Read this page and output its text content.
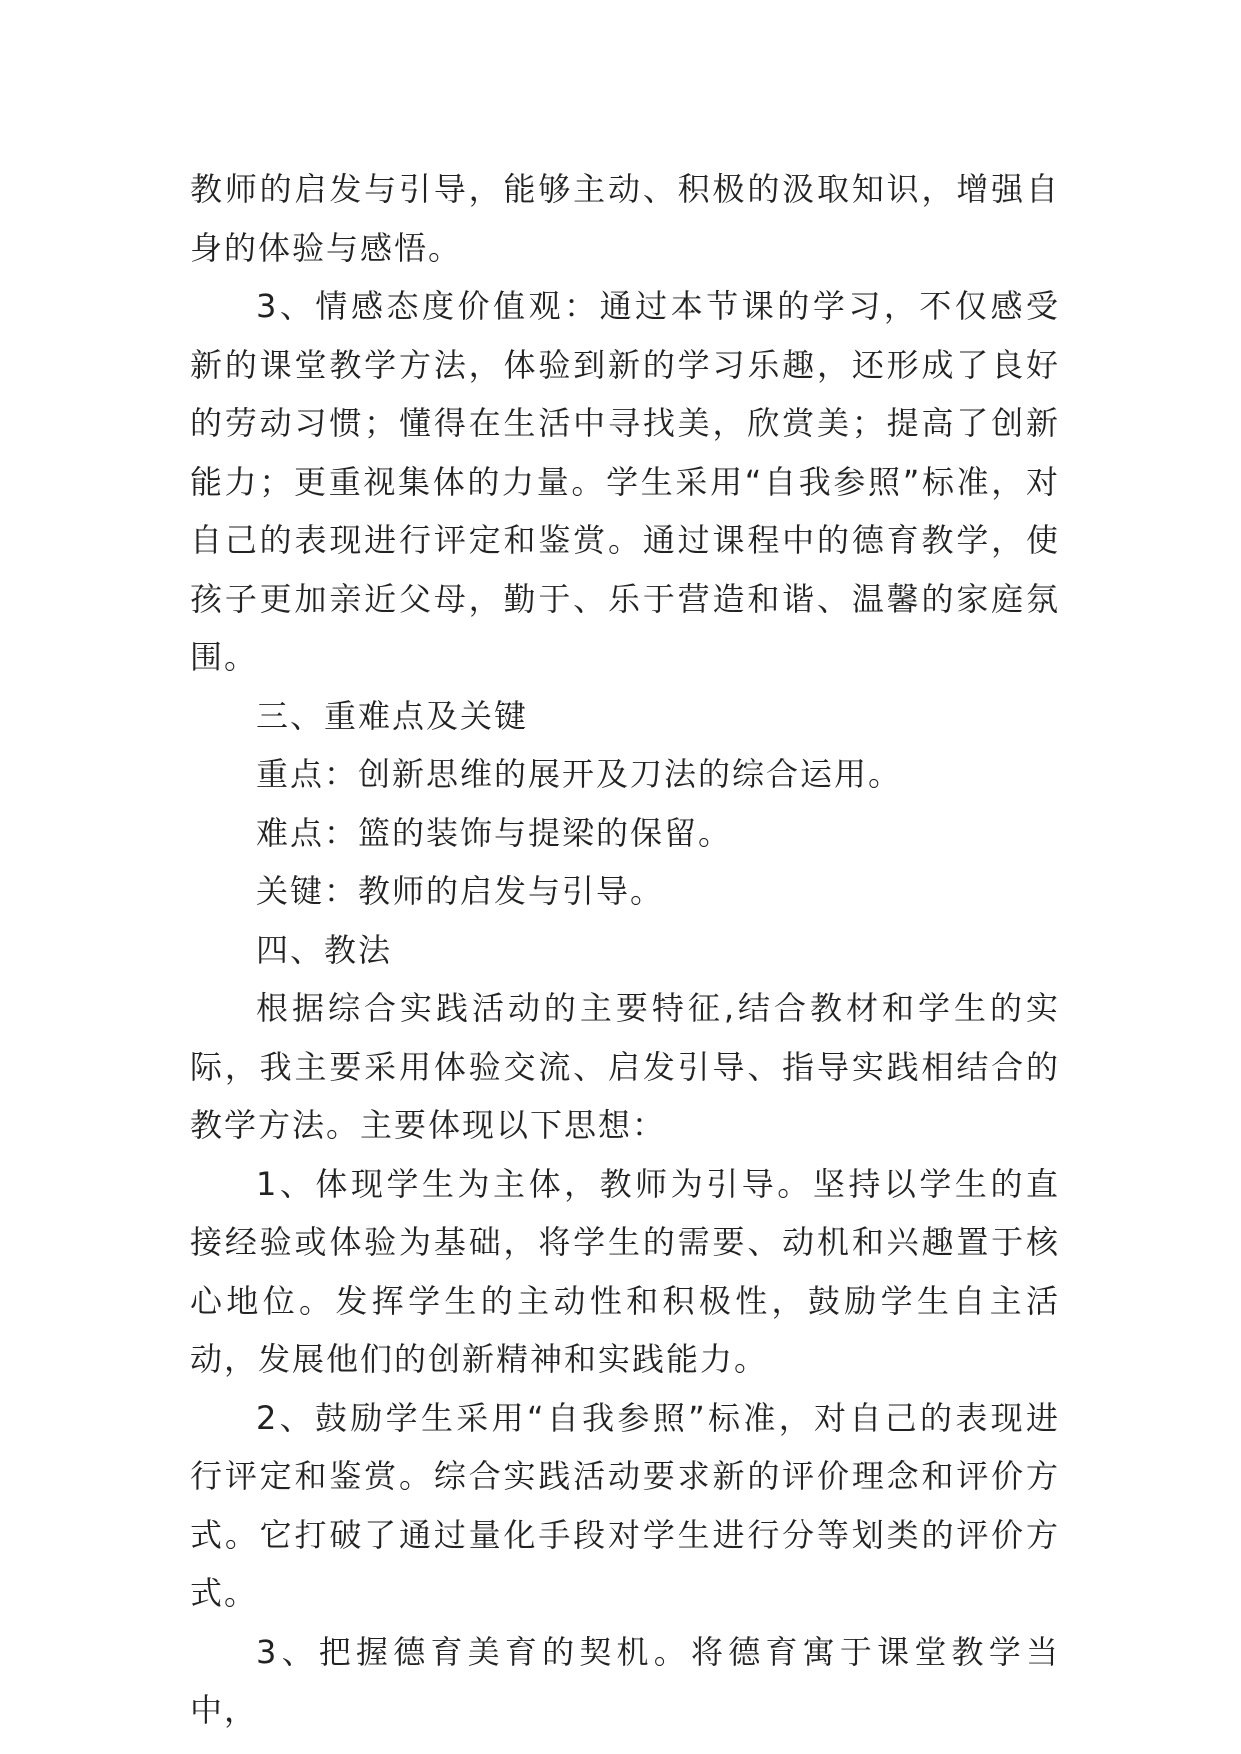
教师的启发与引导，能够主动、积极的汲取知识，增强自身的体验与感悟。

3、情感态度价值观：通过本节课的学习，不仅感受新的课堂教学方法，体验到新的学习乐趣，还形成了良好的劳动习惯；懂得在生活中寻找美，欣赏美；提高了创新能力；更重视集体的力量。学生采用“自我参照”标准，对自己的表现进行评定和鉴赏。通过课程中的德育教学，使孩子更加亲近父母，勤于、乐于营造和谐、温馨的家庭氛围。

三、重难点及关键

重点：创新思维的展开及刀法的综合运用。

难点：篮的装饰与提梁的保留。

关键：教师的启发与引导。

四、教法

根据综合实践活动的主要特征,结合教材和学生的实际，我主要采用体验交流、启发引导、指导实践相结合的教学方法。主要体现以下思想：

1、体现学生为主体，教师为引导。坚持以学生的直接经验或体验为基础，将学生的需要、动机和兴趣置于核心地位。发挥学生的主动性和积极性，鼓励学生自主活动，发展他们的创新精神和实践能力。

2、鼓励学生采用“自我参照”标准，对自己的表现进行评定和鉴赏。综合实践活动要求新的评价理念和评价方式。它打破了通过量化手段对学生进行分等划类的评价方式。

3、把握德育美育的契机。将德育寓于课堂教学当中，
